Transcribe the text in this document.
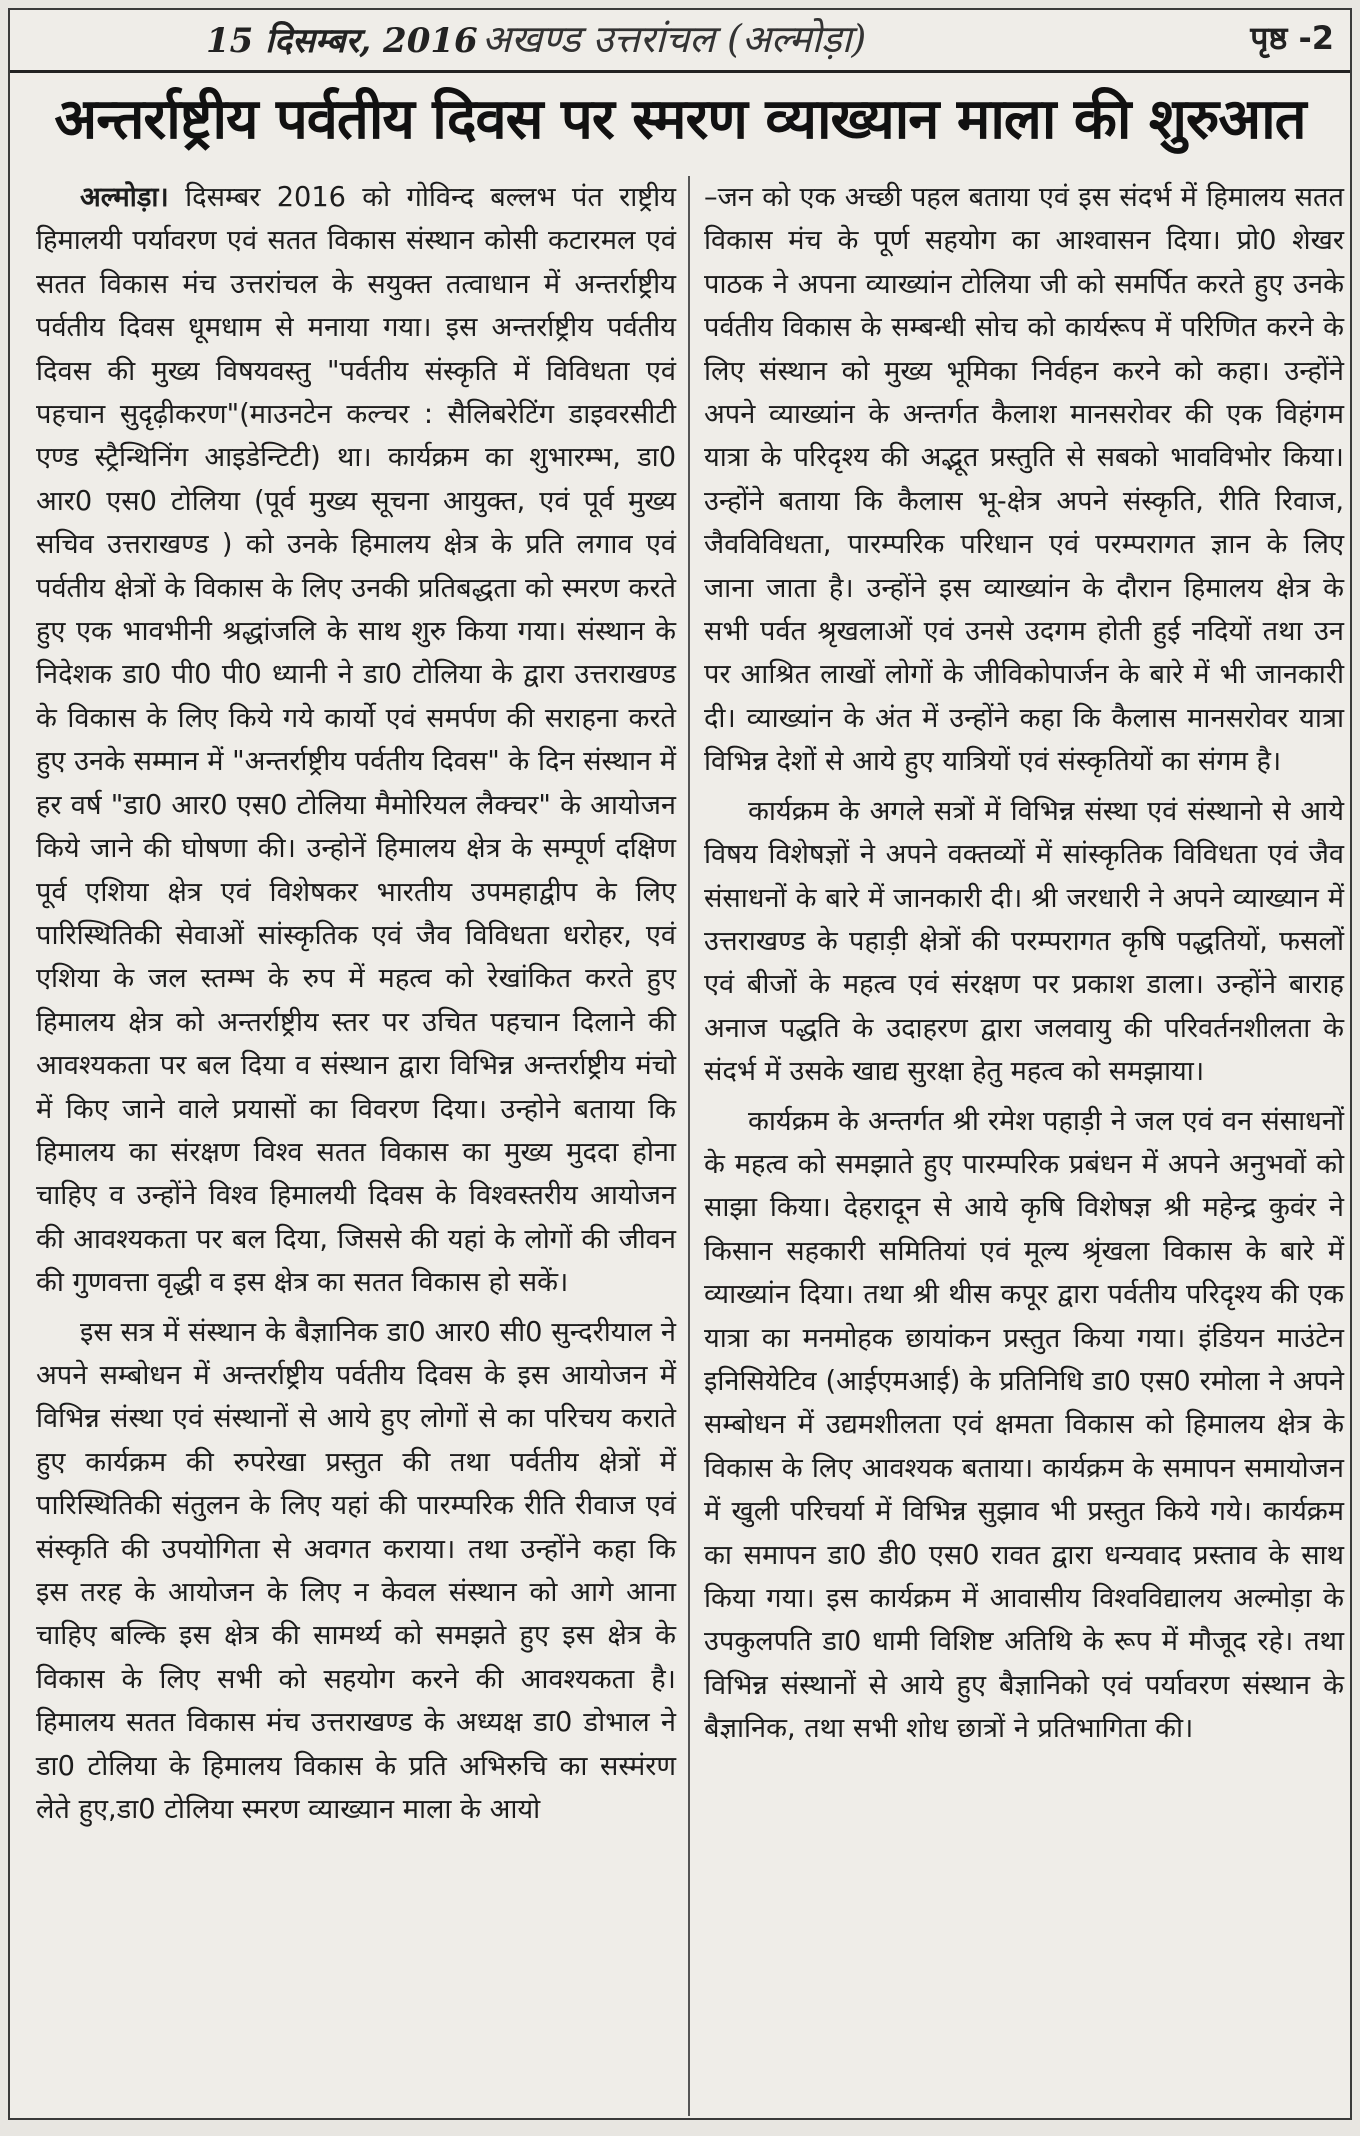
15 दिसम्बर, 2016 अखण्ड उत्तरांचल (अल्मोड़ा)	पृष्ठ -2
अन्तर्राष्ट्रीय पर्वतीय दिवस पर स्मरण व्याख्यान माला की शुरुआत

अल्मोड़ा। दिसम्बर 2016 को गोविन्द बल्लभ पंत राष्ट्रीय हिमालयी पर्यावरण एवं सतत विकास संस्थान कोसी कटारमल एवं सतत विकास मंच उत्तरांचल के सयुक्त तत्वाधान में अन्तर्राष्ट्रीय पर्वतीय दिवस धूमधाम से मनाया गया। इस अन्तर्राष्ट्रीय पर्वतीय दिवस की मुख्य विषयवस्तु "पर्वतीय संस्कृति में विविधता एवं पहचान सुदृढ़ीकरण"(माउनटेन कल्चर : सैलिबरेटिंग डाइवरसीटी एण्ड स्ट्रैन्थिनिंग आइडेन्टिटी) था। कार्यक्रम का शुभारम्भ, डा0 आर0 एस0 टोलिया (पूर्व मुख्य सूचना आयुक्त, एवं पूर्व मुख्य सचिव उत्तराखण्ड ) को उनके हिमालय क्षेत्र के प्रति लगाव एवं पर्वतीय क्षेत्रों के विकास के लिए उनकी प्रतिबद्धता को स्मरण करते हुए एक भावभीनी श्रद्धांजलि के साथ शुरु किया गया। संस्थान के निदेशक डा0 पी0 पी0 ध्यानी ने डा0 टोलिया के द्वारा उत्तराखण्ड के विकास के लिए किये गये कार्यो एवं समर्पण की सराहना करते हुए उनके सम्मान में "अन्तर्राष्ट्रीय पर्वतीय दिवस" के दिन संस्थान में हर वर्ष "डा0 आर0 एस0 टोलिया मैमोरियल लैक्चर" के आयोजन किये जाने की घोषणा की। उन्होनें हिमालय क्षेत्र के सम्पूर्ण दक्षिण पूर्व एशिया क्षेत्र एवं विशेषकर भारतीय उपमहाद्वीप के लिए पारिस्थितिकी सेवाओं सांस्कृतिक एवं जैव विविधता धरोहर, एवं एशिया के जल स्तम्भ के रुप में महत्व को रेखांकित करते हुए हिमालय क्षेत्र को अन्तर्राष्ट्रीय स्तर पर उचित पहचान दिलाने की आवश्यकता पर बल दिया व संस्थान द्वारा विभिन्न अन्तर्राष्ट्रीय मंचो में किए जाने वाले प्रयासों का विवरण दिया। उन्होने बताया कि हिमालय का संरक्षण विश्व सतत विकास का मुख्य मुददा होना चाहिए व उन्होंने विश्व हिमालयी दिवस के विश्वस्तरीय आयोजन की आवश्यकता पर बल दिया, जिससे की यहां के लोगों की जीवन की गुणवत्ता वृद्धी व इस क्षेत्र का सतत विकास हो सकें।

इस सत्र में संस्थान के बैज्ञानिक डा0 आर0 सी0 सुन्दरीयाल ने अपने सम्बोधन में अन्तर्राष्ट्रीय पर्वतीय दिवस के इस आयोजन में विभिन्न संस्था एवं संस्थानों से आये हुए लोगों से का परिचय कराते हुए कार्यक्रम की रुपरेखा प्रस्तुत की तथा पर्वतीय क्षेत्रों में पारिस्थितिकी संतुलन के लिए यहां की पारम्परिक रीति रीवाज एवं संस्कृति की उपयोगिता से अवगत कराया। तथा उन्होंने कहा कि इस तरह के आयोजन के लिए न केवल संस्थान को आगे आना चाहिए बल्कि इस क्षेत्र की सामर्थ्य को समझते हुए इस क्षेत्र के विकास के लिए सभी को सहयोग करने की आवश्यकता है। हिमालय सतत विकास मंच उत्तराखण्ड के अध्यक्ष डा0 डोभाल ने डा0 टोलिया के हिमालय विकास के प्रति अभिरुचि का सस्मंरण लेते हुए,डा0 टोलिया स्मरण व्याख्यान माला के आयो

–जन को एक अच्छी पहल बताया एवं इस संदर्भ में हिमालय सतत विकास मंच के पूर्ण सहयोग का आश्वासन दिया। प्रो0 शेखर पाठक ने अपना व्याख्यांन टोलिया जी को समर्पित करते हुए उनके पर्वतीय विकास के सम्बन्धी सोच को कार्यरूप में परिणित करने के लिए संस्थान को मुख्य भूमिका निर्वहन करने को कहा। उन्होंने अपने व्याख्यांन के अन्तर्गत कैलाश मानसरोवर की एक विहंगम यात्रा के परिदृश्य की अद्भूत प्रस्तुति से सबको भावविभोर किया। उन्होंने बताया कि कैलास भू-क्षेत्र अपने संस्कृति, रीति रिवाज, जैवविविधता, पारम्परिक परिधान एवं परम्परागत ज्ञान के लिए जाना जाता है। उन्होंने इस व्याख्यांन के दौरान हिमालय क्षेत्र के सभी पर्वत श्रृखलाओं एवं उनसे उदगम होती हुई नदियों तथा उन पर आश्रित लाखों लोगों के जीविकोपार्जन के बारे में भी जानकारी दी। व्याख्यांन के अंत में उन्होंने कहा कि कैलास मानसरोवर यात्रा विभिन्न देशों से आये हुए यात्रियों एवं संस्कृतियों का संगम है।

कार्यक्रम के अगले सत्रों में विभिन्न संस्था एवं संस्थानो से आये विषय विशेषज्ञों ने अपने वक्तव्यों में सांस्कृतिक विविधता एवं जैव संसाधनों के बारे में जानकारी दी। श्री जरधारी ने अपने व्याख्यान में उत्तराखण्ड के पहाड़ी क्षेत्रों की परम्परागत कृषि पद्धतियों, फसलों एवं बीजों के महत्व एवं संरक्षण पर प्रकाश डाला। उन्होंने बाराह अनाज पद्धति के उदाहरण द्वारा जलवायु की परिवर्तनशीलता के संदर्भ में उसके खाद्य सुरक्षा हेतु महत्व को समझाया।

कार्यक्रम के अन्तर्गत श्री रमेश पहाड़ी ने जल एवं वन संसाधनों के महत्व को समझाते हुए पारम्परिक प्रबंधन में अपने अनुभवों को साझा किया। देहरादून से आये कृषि विशेषज्ञ श्री महेन्द्र कुवंर ने किसान सहकारी समितियां एवं मूल्य श्रृंखला विकास के बारे में व्याख्यांन दिया। तथा श्री थीस कपूर द्वारा पर्वतीय परिदृश्य की एक यात्रा का मनमोहक छायांकन प्रस्तुत किया गया। इंडियन माउंटेन इनिसियेटिव (आईएमआई) के प्रतिनिधि डा0 एस0 रमोला ने अपने सम्बोधन में उद्यमशीलता एवं क्षमता विकास को हिमालय क्षेत्र के विकास के लिए आवश्यक बताया। कार्यक्रम के समापन समायोजन में खुली परिचर्या में विभिन्न सुझाव भी प्रस्तुत किये गये। कार्यक्रम का समापन डा0 डी0 एस0 रावत द्वारा धन्यवाद प्रस्ताव के साथ किया गया। इस कार्यक्रम में आवासीय विश्वविद्यालय अल्मोड़ा के उपकुलपति डा0 धामी विशिष्ट अतिथि के रूप में मौजूद रहे। तथा विभिन्न संस्थानों से आये हुए बैज्ञानिको एवं पर्यावरण संस्थान के बैज्ञानिक, तथा सभी शोध छात्रों ने प्रतिभागिता की।
